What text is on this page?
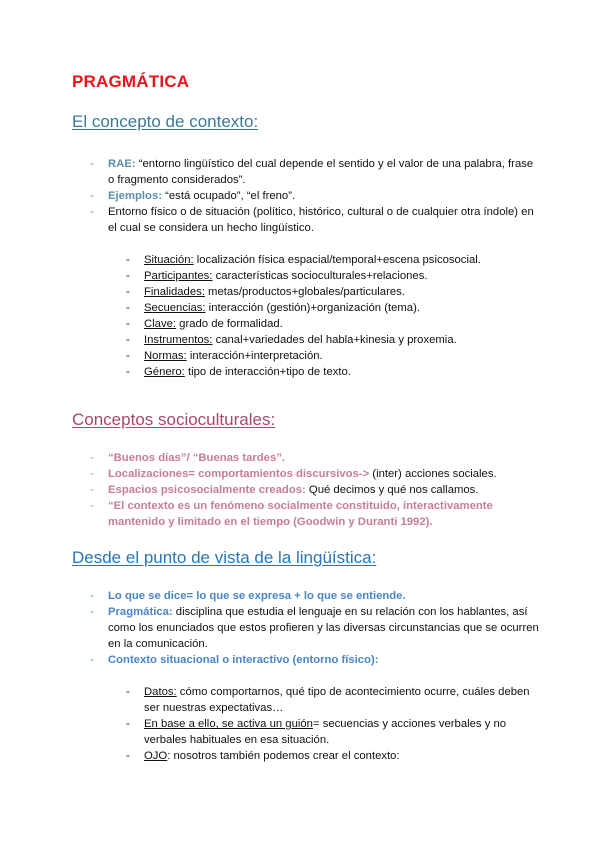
PRAGMÁTICA
El concepto de contexto:
- RAE: “entorno lingüístico del cual depende el sentido y el valor de una palabra, frase o fragmento considerados”.
- Ejemplos: “está ocupado”, “el freno”.
- Entorno físico o de situación (político, histórico, cultural o de cualquier otra índole) en el cual se considera un hecho lingüístico.
- Situación: localización física espacial/temporal+escena psicosocial.
- Participantes: características socioculturales+relaciones.
- Finalidades: metas/productos+globales/particulares.
- Secuencias: interacción (gestión)+organización (tema).
- Clave: grado de formalidad.
- Instrumentos: canal+variedades del habla+kinesia y proxemia.
- Normas: interacción+interpretación.
- Género: tipo de interacción+tipo de texto.
Conceptos socioculturales:
- “Buenos días”/ “Buenas tardes”.
- Localizaciones= comportamientos discursivos-> (inter) acciones sociales.
- Espacios psicosocialmente creados: Qué decimos y qué nos callamos.
- “El contexto es un fenómeno socialmente constituido, interactivamente mantenido y limitado en el tiempo (Goodwin y Duranti 1992).
Desde el punto de vista de la lingüística:
- Lo que se dice= lo que se expresa + lo que se entiende.
- Pragmática: disciplina que estudia el lenguaje en su relación con los hablantes, así como los enunciados que estos profieren y las diversas circunstancias que se ocurren en la comunicación.
- Contexto situacional o interactivo (entorno físico):
- Datos: cómo comportarnos, qué tipo de acontecimiento ocurre, cuáles deben ser nuestras expectativas…
- En base a ello, se activa un guión= secuencias y acciones verbales y no verbales habituales en esa situación.
- OJO: nosotros también podemos crear el contexto:
